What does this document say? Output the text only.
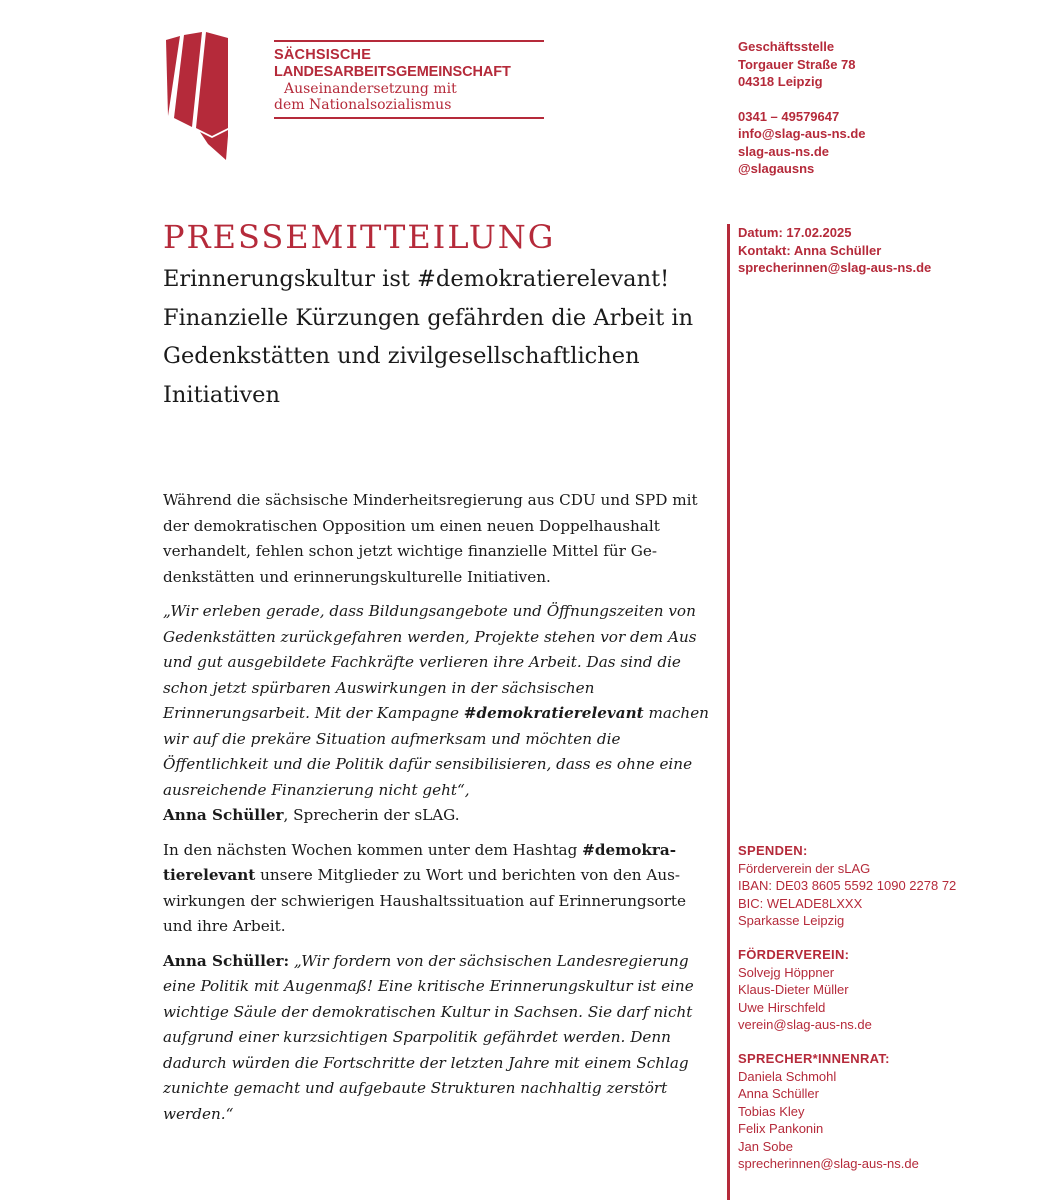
SÄCHSISCHE
LANDESARBEITSGEMEINSCHAFT
Auseinandersetzung mit
dem Nationalsozialismus
Geschäftsstelle
Torgauer Straße 78
04318 Leipzig
0341 – 49579647
info@slag-aus-ns.de
slag-aus-ns.de
@slagausns
Datum: 17.02.2025
Kontakt: Anna Schüller
sprecherinnen@slag-aus-ns.de
PRESSEMITTEILUNG
Erinnerungskultur ist #demokratierelevant! Finanzielle Kürzungen gefährden die Arbeit in Gedenkstätten und zivilgesellschaftlichen Initiativen

Während die sächsische Minderheitsregierung aus CDU und SPD mit der demokratischen Opposition um einen neuen Doppelhaushalt verhandelt, fehlen schon jetzt wichtige finanzielle Mittel für Gedenkstätten und erinnerungskulturelle Initiativen.

„Wir erleben gerade, dass Bildungsangebote und Öffnungszeiten von Gedenkstätten zurückgefahren werden, Projekte stehen vor dem Aus und gut ausgebildete Fachkräfte verlieren ihre Arbeit. Das sind die schon jetzt spürbaren Auswirkungen in der sächsischen Erinnerungsarbeit. Mit der Kampagne #demokratierelevant machen wir auf die prekäre Situation aufmerksam und möchten die Öffentlichkeit und die Politik dafür sensibilisieren, dass es ohne eine ausreichende Finanzierung nicht geht“,
Anna Schüller, Sprecherin der sLAG.

In den nächsten Wochen kommen unter dem Hashtag #demokratierelevant unsere Mitglieder zu Wort und berichten von den Auswirkungen der schwierigen Haushaltssituation auf Erinnerungsorte und ihre Arbeit.

Anna Schüller: „Wir fordern von der sächsischen Landesregierung eine Politik mit Augenmaß! Eine kritische Erinnerungskultur ist eine wichtige Säule der demokratischen Kultur in Sachsen. Sie darf nicht aufgrund einer kurzsichtigen Sparpolitik gefährdet werden. Denn dadurch würden die Fortschritte der letzten Jahre mit einem Schlag zunichte gemacht und aufgebaute Strukturen nachhaltig zerstört werden.“

SPENDEN:
Förderverein der sLAG
IBAN: DE03 8605 5592 1090 2278 72
BIC: WELADE8LXXX
Sparkasse Leipzig
FÖRDERVEREIN:
Solvejg Höppner
Klaus-Dieter Müller
Uwe Hirschfeld
verein@slag-aus-ns.de
SPRECHER*INNENRAT:
Daniela Schmohl
Anna Schüller
Tobias Kley
Felix Pankonin
Jan Sobe
sprecherinnen@slag-aus-ns.de
